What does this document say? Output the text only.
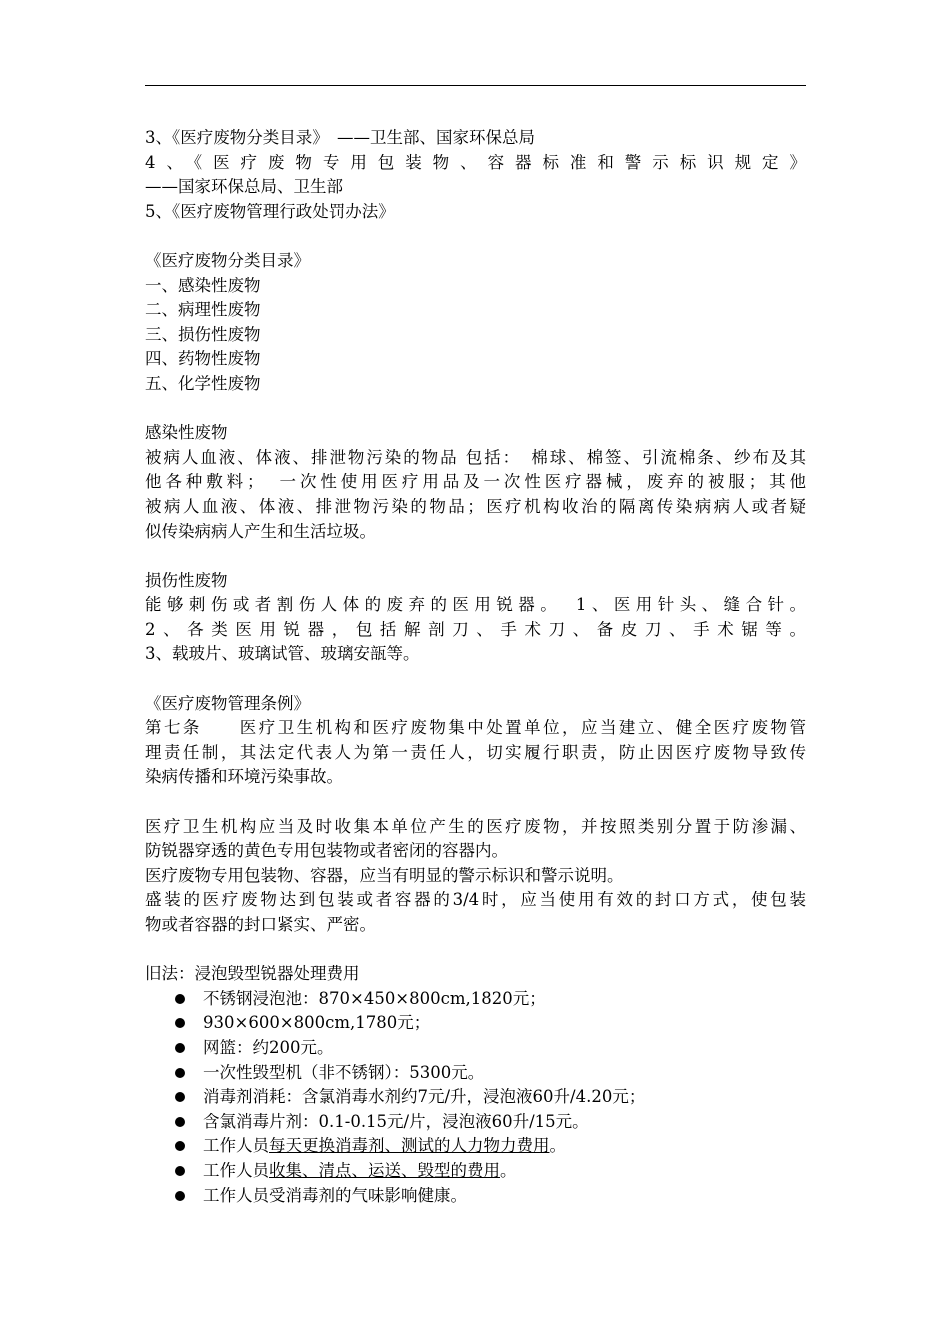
3、《医疗废物分类目录》　——卫生部、国家环保总局
4、《医疗废物专用包装物、容器标准和警示标识规定》
——国家环保总局、卫生部
5、《医疗废物管理行政处罚办法》
《医疗废物分类目录》
一、感染性废物
二、病理性废物
三、损伤性废物
四、药物性废物
五、化学性废物
感染性废物
被病人血液、体液、排泄物污染的物品 包括：　棉球、棉签、引流棉条、纱布及其
他各种敷料；　一次性使用医疗用品及一次性医疗器械，废弃的被服；其他
被病人血液、体液、排泄物污染的物品；医疗机构收治的隔离传染病病人或者疑
似传染病病人产生和生活垃圾。
损伤性废物
能够刺伤或者割伤人体的废弃的医用锐器。　1、医用针头、缝合针。
2、各类医用锐器，包括解剖刀、手术刀、备皮刀、手术锯等。
3、载玻片、玻璃试管、玻璃安瓿等。
《医疗废物管理条例》
第七条　　医疗卫生机构和医疗废物集中处置单位，应当建立、健全医疗废物管
理责任制，其法定代表人为第一责任人，切实履行职责，防止因医疗废物导致传
染病传播和环境污染事故。
医疗卫生机构应当及时收集本单位产生的医疗废物，并按照类别分置于防渗漏、
防锐器穿透的黄色专用包装物或者密闭的容器内。
医疗废物专用包装物、容器，应当有明显的警示标识和警示说明。
盛装的医疗废物达到包装或者容器的3/4时，应当使用有效的封口方式，使包装
物或者容器的封口紧实、严密。
旧法：浸泡毁型锐器处理费用
不锈钢浸泡池：870×450×800cm,1820元；
930×600×800cm,1780元；
网篮：约200元。
一次性毁型机（非不锈钢）：5300元。
消毒剂消耗：含氯消毒水剂约7元/升，浸泡液60升/4.20元；
含氯消毒片剂：0.1-0.15元/片，浸泡液60升/15元。
工作人员每天更换消毒剂、测试的人力物力费用。
工作人员收集、清点、运送、毁型的费用。
工作人员受消毒剂的气味影响健康。
